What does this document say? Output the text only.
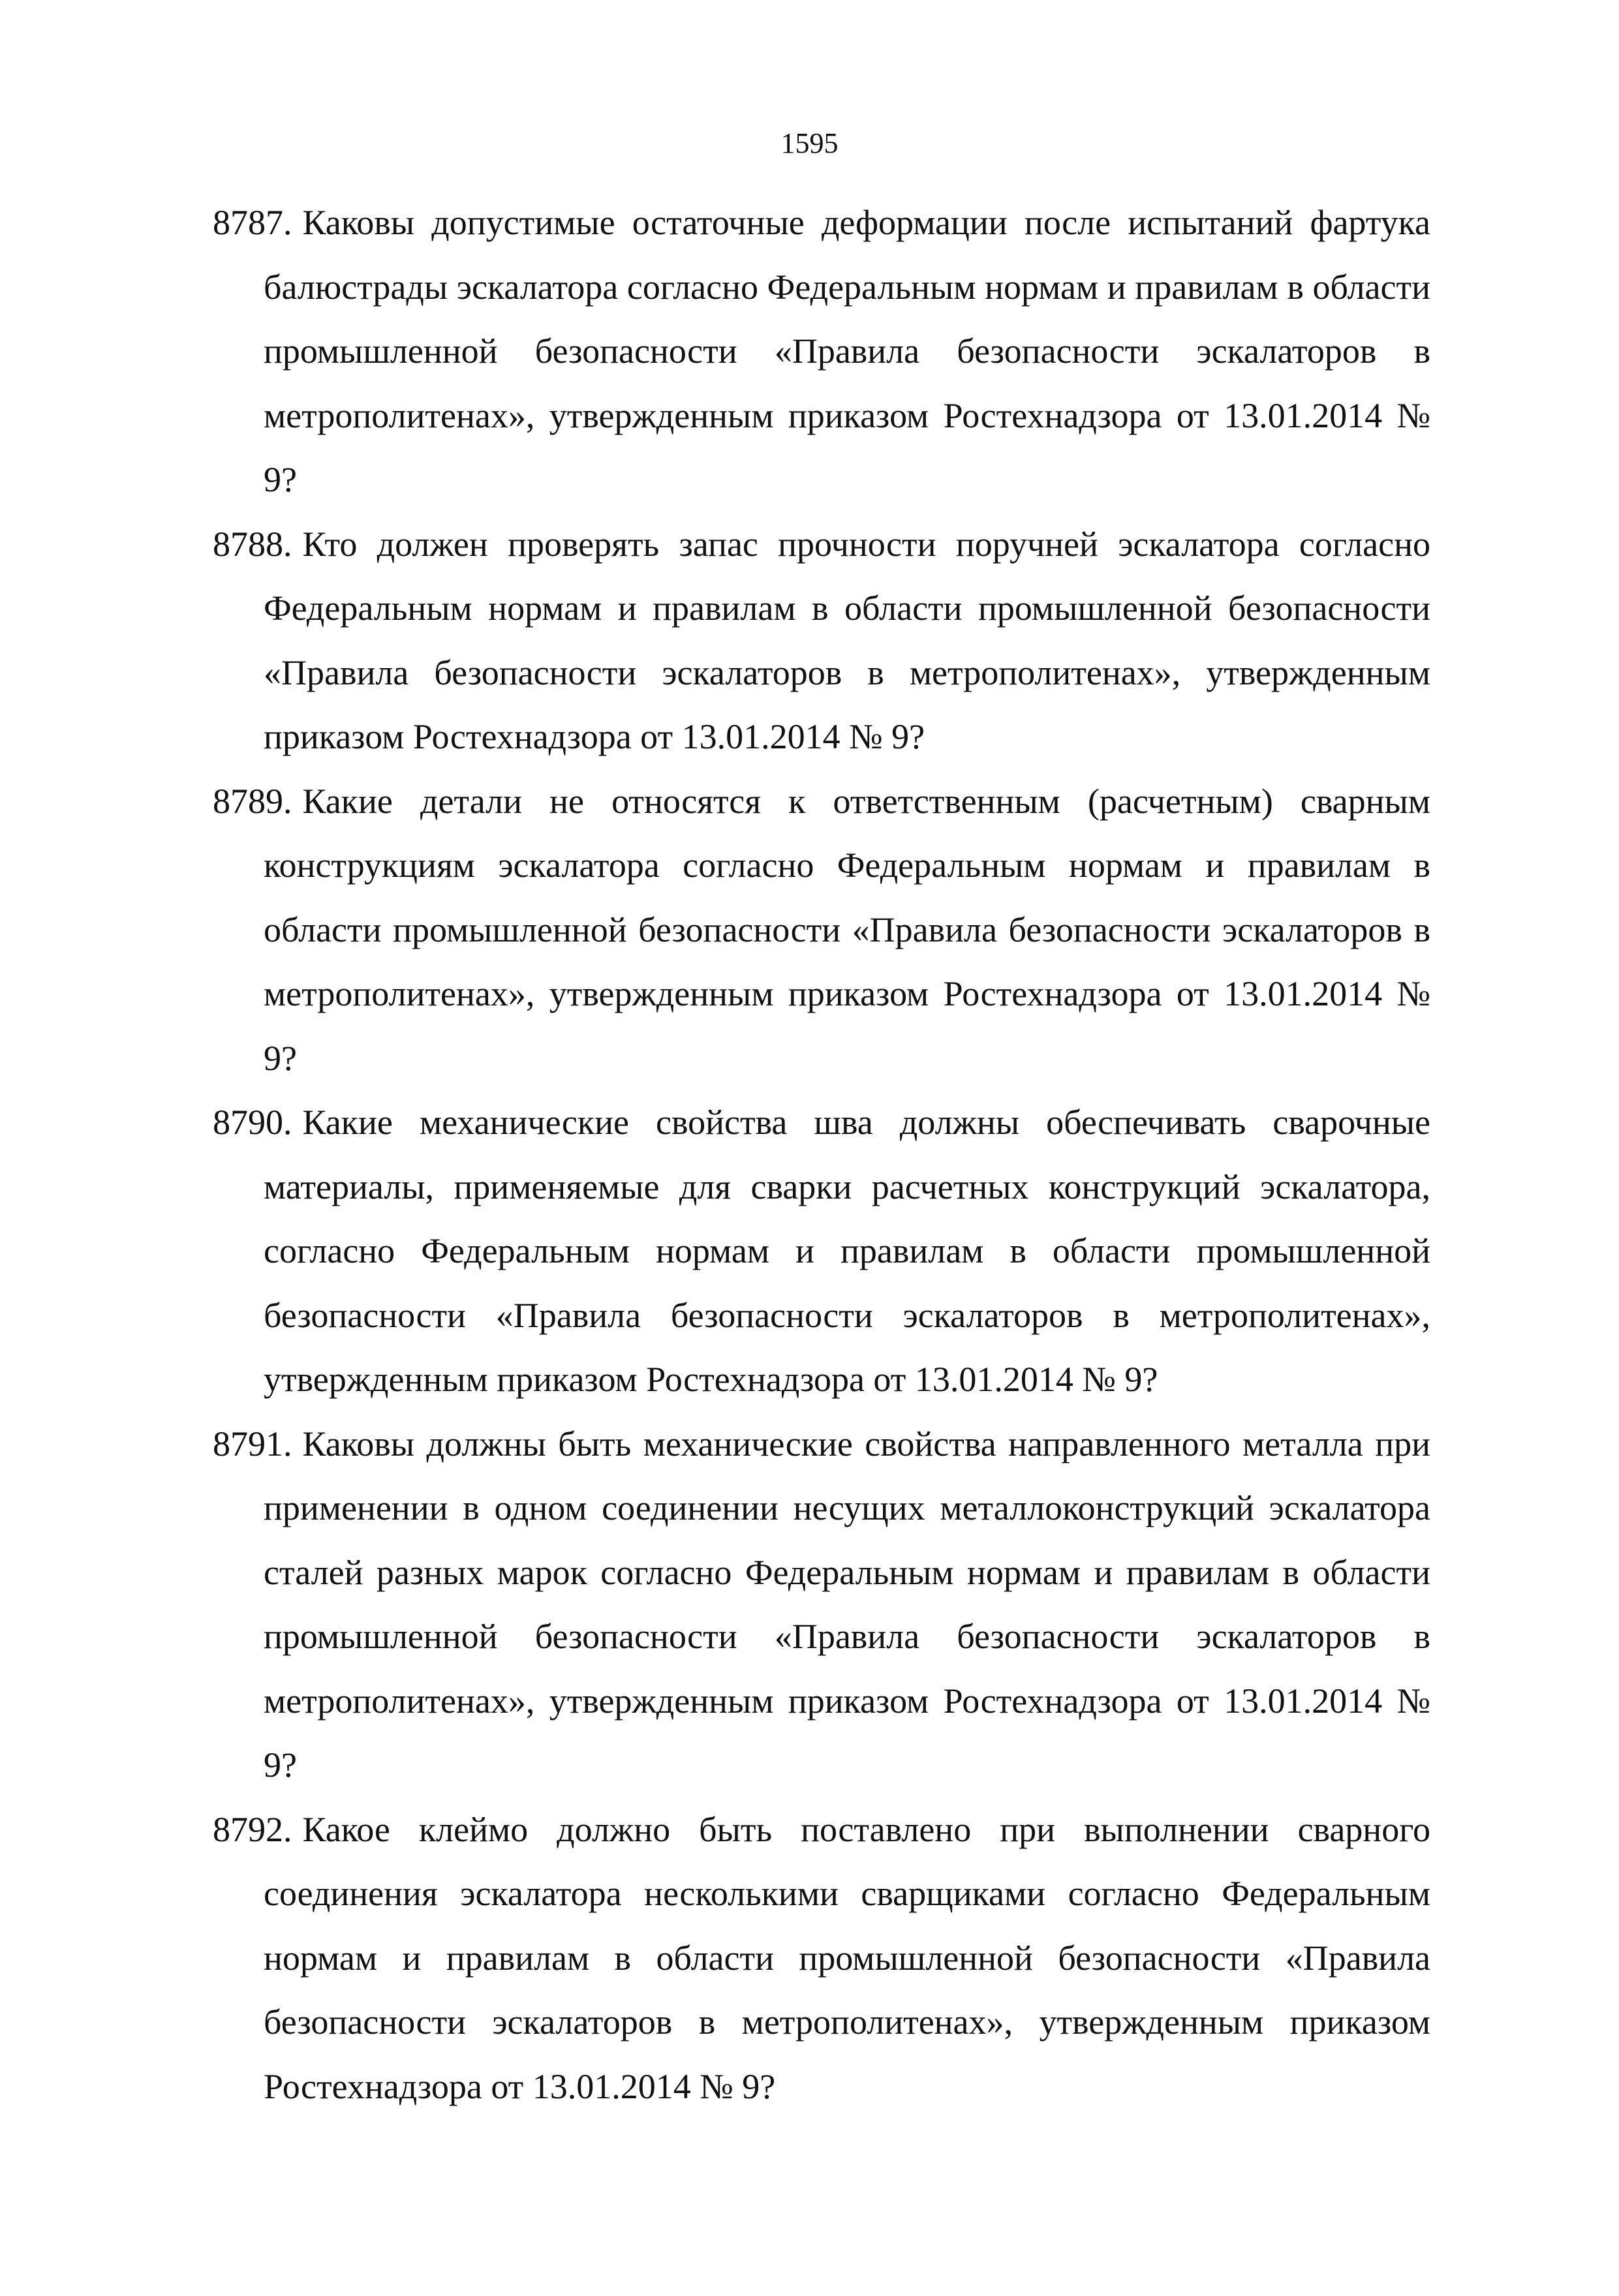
1595

8787. Каковы допустимые остаточные деформации после испытаний фартука балюстрады эскалатора согласно Федеральным нормам и правилам в области промышленной безопасности «Правила безопасности эскалаторов в метрополитенах», утвержденным приказом Ростехнадзора от 13.01.2014 № 9?

8788. Кто должен проверять запас прочности поручней эскалатора согласно Федеральным нормам и правилам в области промышленной безопасности «Правила безопасности эскалаторов в метрополитенах», утвержденным приказом Ростехнадзора от 13.01.2014 № 9?

8789. Какие детали не относятся к ответственным (расчетным) сварным конструкциям эскалатора согласно Федеральным нормам и правилам в области промышленной безопасности «Правила безопасности эскалаторов в метрополитенах», утвержденным приказом Ростехнадзора от 13.01.2014 № 9?

8790. Какие механические свойства шва должны обеспечивать сварочные материалы, применяемые для сварки расчетных конструкций эскалатора, согласно Федеральным нормам и правилам в области промышленной безопасности «Правила безопасности эскалаторов в метрополитенах», утвержденным приказом Ростехнадзора от 13.01.2014 № 9?

8791. Каковы должны быть механические свойства направленного металла при применении в одном соединении несущих металлоконструкций эскалатора сталей разных марок согласно Федеральным нормам и правилам в области промышленной безопасности «Правила безопасности эскалаторов в метрополитенах», утвержденным приказом Ростехнадзора от 13.01.2014 № 9?

8792. Какое клеймо должно быть поставлено при выполнении сварного соединения эскалатора несколькими сварщиками согласно Федеральным нормам и правилам в области промышленной безопасности «Правила безопасности эскалаторов в метрополитенах», утвержденным приказом Ростехнадзора от 13.01.2014 № 9?
